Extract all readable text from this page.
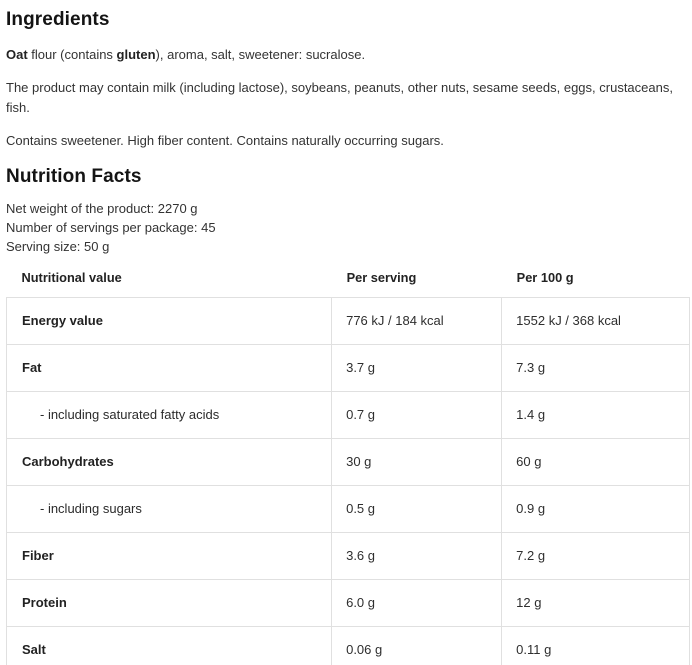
Ingredients

Oat flour (contains gluten), aroma, salt, sweetener: sucralose.

The product may contain milk (including lactose), soybeans, peanuts, other nuts, sesame seeds, eggs, crustaceans, fish.

Contains sweetener. High fiber content. Contains naturally occurring sugars.

Nutrition Facts

Net weight of the product: 2270 g

Number of servings per package: 45

Serving size: 50 g

Nutritional value	Per serving	Per 100 g
Energy value	776 kJ / 184 kcal	1552 kJ / 368 kcal
Fat	3.7 g	7.3 g
- including saturated fatty acids	0.7 g	1.4 g
Carbohydrates	30 g	60 g
- including sugars	0.5 g	0.9 g
Fiber	3.6 g	7.2 g
Protein	6.0 g	12 g
Salt	0.06 g	0.11 g
